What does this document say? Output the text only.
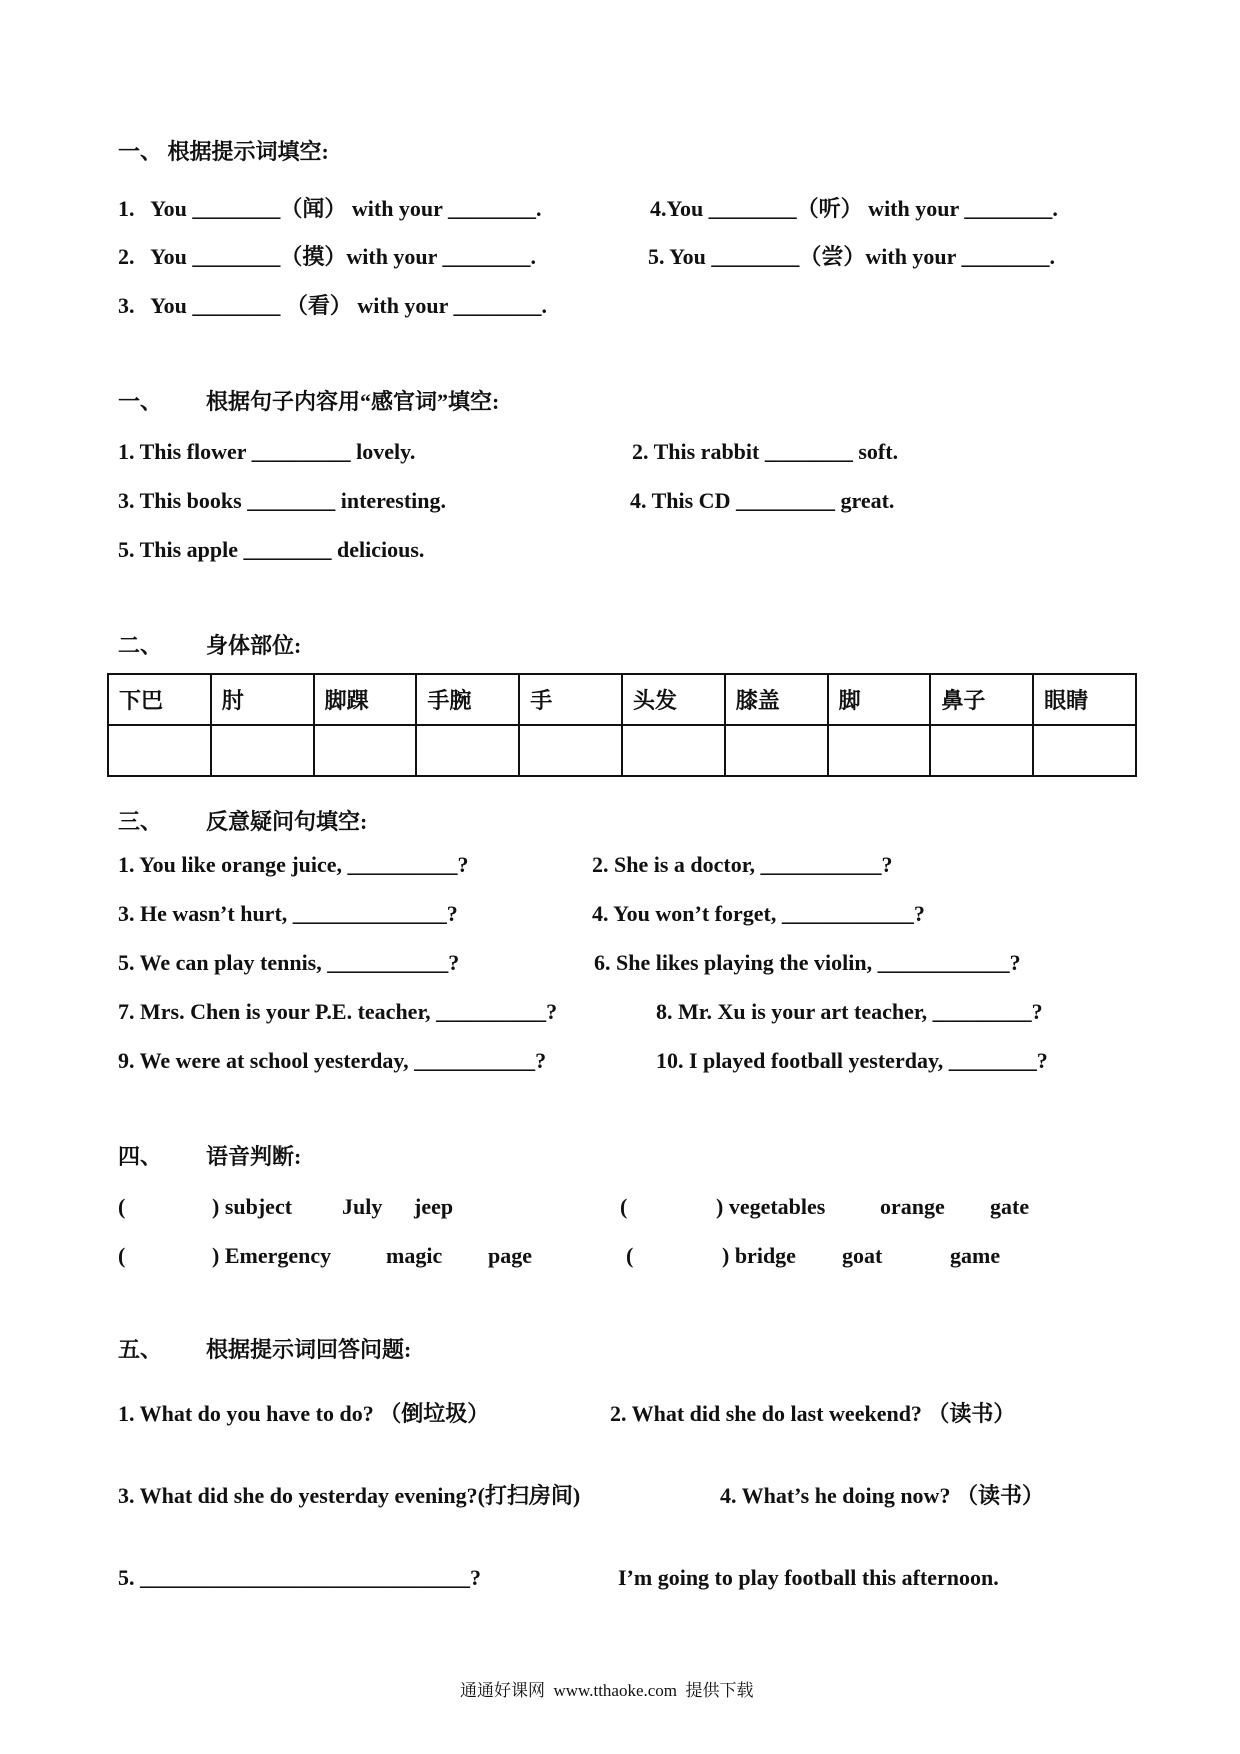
一、 根据提示词填空:
1.   You ________（闻） with your ________.	4.You ________（听） with your ________.
2.   You ________（摸）with your ________.	5. You ________（尝）with your ________.
3.   You ________ （看） with your ________.
一、 根据句子内容用“感官词”填空:
1. This flower _________ lovely.	2. This rabbit ________ soft.
3. This books ________ interesting.	4. This CD _________ great.
5. This apple ________ delicious.
二、 身体部位:
下巴	肘	脚踝	手腕	手	头发	膝盖	脚	鼻子	眼睛

三、 反意疑问句填空:
1. You like orange juice, __________?	2. She is a doctor, ___________?
3. He wasn’t hurt, ______________?	4. You won’t forget, ____________?
5. We can play tennis, ___________?	6. She likes playing the violin, ____________?
7. Mrs. Chen is your P.E. teacher, __________?	8. Mr. Xu is your art teacher, _________?
9. We were at school yesterday, ___________?	10. I played football yesterday, ________?
四、 语音判断:
(	) subject July jeep	(	) vegetables orange gate
(	) Emergency magic page	(	) bridge goat	game
五、 根据提示词回答问题:
1. What do you have to do? （倒垃圾）	2. What did she do last weekend? （读书）
3. What did she do yesterday evening?(打扫房间)	4. What’s he doing now? （读书）
5. ______________________________?	I’m going to play football this afternoon.
通通好课网  www.tthaoke.com  提供下载
